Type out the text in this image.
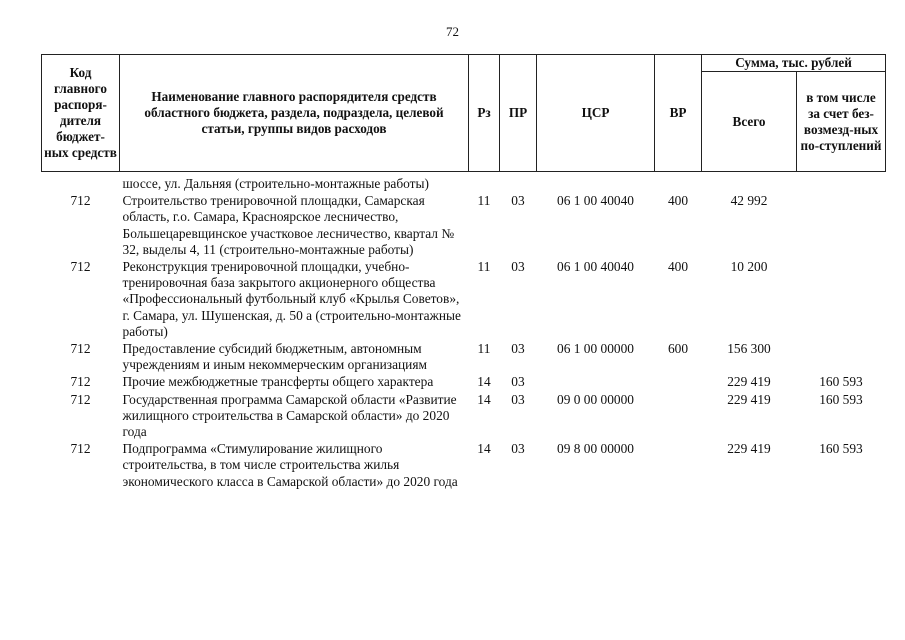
72
Код главного распоря-дителя бюджет-ных средств	Наименование главного распорядителя средств областного бюджета, раздела, подраздела, целевой статьи, группы видов расходов	Рз	ПР	ЦСР	ВР	Сумма, тыс. рублей	
						Всего	в том числе за счет без-возмезд-ных по-ступлений
	шоссе, ул. Дальняя (строительно-монтажные работы)						
712	Строительство тренировочной площадки, Самарская область, г.о. Самара, Красноярское лесничество, Большецаревщинское участковое лесничество, квартал № 32, выделы 4, 11 (строительно-монтажные работы)	11	03	06 1 00 40040	400	42 992	
712	Реконструкция тренировочной площадки, учебно-тренировочная база закрытого акционерного общества «Профессиональный футбольный клуб «Крылья Советов», г. Самара, ул. Шушенская, д. 50 а (строительно-монтажные работы)	11	03	06 1 00 40040	400	10 200	
712	Предоставление субсидий бюджетным, автономным учреждениям и иным некоммерческим организациям	11	03	06 1 00 00000	600	156 300	
712	Прочие межбюджетные трансферты общего характера	14	03			229 419	160 593
712	Государственная программа Самарской области «Развитие жилищного строительства в Самарской области» до 2020 года	14	03	09 0 00 00000		229 419	160 593
712	Подпрограмма «Стимулирование жилищного строительства, в том числе строительства жилья экономического класса в Самарской области» до 2020 года	14	03	09 8 00 00000		229 419	160 593
